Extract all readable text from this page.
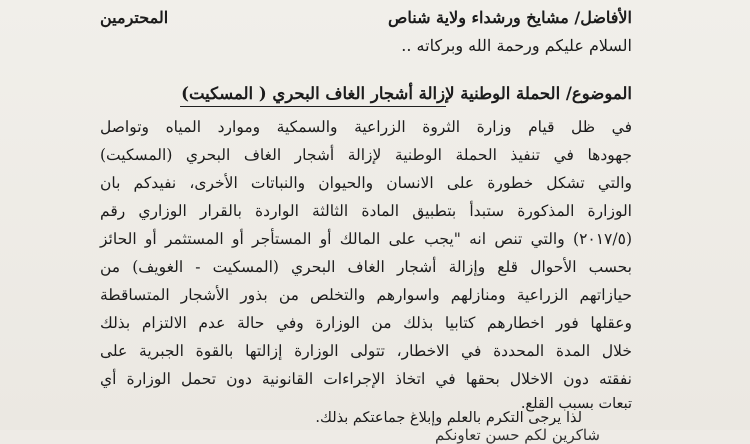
الأفاضل/ مشايخ ورشداء ولاية شناص
المحترمين
السلام عليكم ورحمة الله وبركاته ..
الموضوع/ الحملة الوطنية لإزالة أشجار الغاف البحري ( المسكيت)
في ظل قيام وزارة الثروة الزراعية والسمكية وموارد المياه وتواصل
جهودها في تنفيذ الحملة الوطنية لإزالة أشجار الغاف البحري (المسكيت)
والتي تشكل خطورة على الانسان والحيوان والنباتات الأخرى، نفيدكم بان
الوزارة المذكورة ستبدأ بتطبيق المادة الثالثة الواردة بالقرار الوزاري رقم
(٢٠١٧/٥) والتي تنص انه "يجب على المالك أو المستأجر أو المستثمر أو الحائز
بحسب الأحوال قلع وإزالة أشجار الغاف البحري (المسكيت - الغويف) من
حيازاتهم الزراعية ومنازلهم واسوارهم والتخلص من بذور الأشجار المتساقطة
وعقلها فور اخطارهم كتابيا بذلك من الوزارة وفي حالة عدم الالتزام بذلك
خلال المدة المحددة في الاخطار، تتولى الوزارة إزالتها بالقوة الجبرية على
نفقته دون الاخلال بحقها في اتخاذ الإجراءات القانونية دون تحمل الوزارة أي
تبعات بسبب القلع.
لذا يرجى التكرم بالعلم وإبلاغ جماعتكم بذلك.
شاكرين لكم حسن تعاونكم
